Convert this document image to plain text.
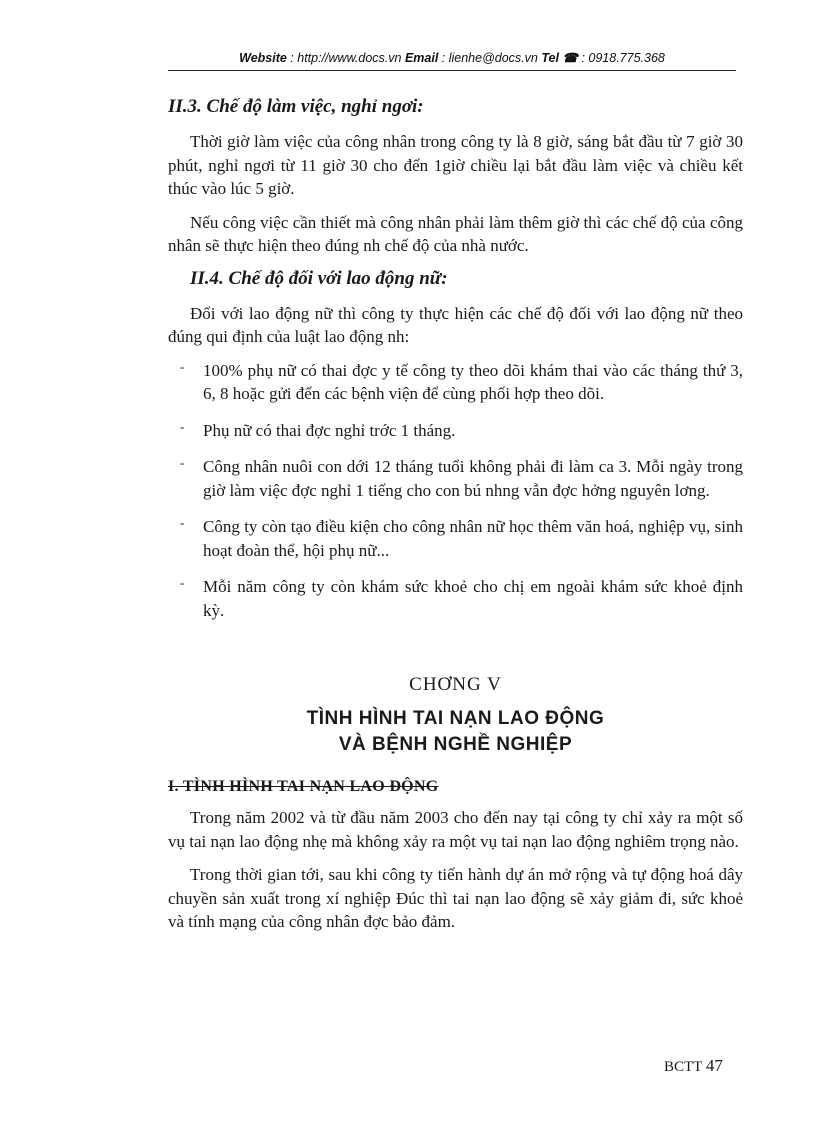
Website : http://www.docs.vn Email : lienhe@docs.vn Tel ☎ : 0918.775.368
II.3. Chế độ làm việc, nghỉ ngơi:

Thời giờ làm việc của công nhân trong công ty là 8 giờ, sáng bắt đầu từ 7 giờ 30 phút, nghỉ ngơi từ 11 giờ 30 cho đến 1giờ chiều lại bắt đầu làm việc và chiều kết thúc vào lúc 5 giờ.

Nếu công việc cần thiết mà công nhân phải làm thêm giờ thì các chế độ của công nhân sẽ thực hiện theo đúng nh chế độ của nhà nước.

II.4. Chế độ đối với lao động nữ:

Đối với lao động nữ thì công ty thực hiện các chế độ đối với lao động nữ theo đúng qui định của luật lao động nh:

- 100% phụ nữ có thai đợc y tế công ty theo dõi khám thai vào các tháng thứ 3, 6, 8 hoặc gửi đến các bệnh viện để cùng phối hợp theo dõi.
- Phụ nữ có thai đợc nghỉ trớc 1 tháng.
- Công nhân nuôi con dới 12 tháng tuổi không phải đi làm ca 3. Mỗi ngày trong giờ làm việc đợc nghỉ 1 tiếng cho con bú nhng vẫn đợc hởng nguyên lơng.
- Công ty còn tạo điều kiện cho công nhân nữ học thêm văn hoá, nghiệp vụ, sinh hoạt đoàn thể, hội phụ nữ...
- Mỗi năm công ty còn khám sức khoẻ cho chị em ngoài khám sức khoẻ định kỳ.
CHƠNG V
TÌNH HÌNH TAI NẠN LAO ĐỘNG
VÀ BỆNH NGHỀ NGHIỆP
I. TÌNH HÌNH TAI NẠN LAO ĐỘNG

Trong năm 2002 và từ đầu năm 2003 cho đến nay tại công ty chỉ xảy ra một số vụ tai nạn lao động nhẹ mà không xảy ra một vụ tai nạn lao động nghiêm trọng nào.

Trong thời gian tới, sau khi công ty tiến hành dự án mở rộng và tự động hoá dây chuyền sản xuất trong xí nghiệp Đúc thì tai nạn lao động sẽ xảy giảm đi, sức khoẻ và tính mạng của công nhân đợc bảo đảm.

BCTT 47
